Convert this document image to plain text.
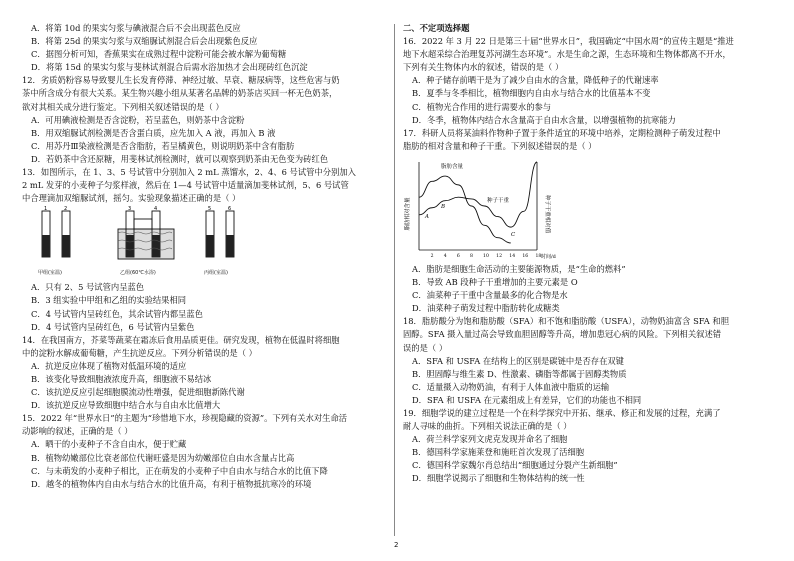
A．将第 10d 的果实匀浆与碘液混合后不会出现蓝色反应
B．将第 25d 的果实匀浆与双缩脲试剂混合后会出现紫色反应
C．据图分析可知，香蕉果实在成熟过程中淀粉可能会被水解为葡萄糖
D．将第 15d 的果实匀浆与斐林试剂混合后需水浴加热才会出现砖红色沉淀
12．劣质奶粉容易导致婴儿生长发育停滞、神经过敏、早衰、糖尿病等，这些危害与奶
茶中所含成分有很大关系。某生物兴趣小组从某著名品牌的奶茶店买回一杯无色奶茶，
欲对其相关成分进行鉴定。下列相关叙述错误的是（ ）
A．可用碘液检测是否含淀粉，若呈蓝色，则奶茶中含淀粉
B．用双缩脲试剂检测是否含蛋白质，应先加入 A 液，再加入 B 液
C．用苏丹Ⅲ染液检测是否含脂肪，若呈橘黄色，则说明奶茶中含有脂肪
D．若奶茶中含还原糖，用斐林试剂检测时，就可以观察到奶茶由无色变为砖红色
13．如图所示，在 1、3、5 号试管中分别加入 2 mL 蒸馏水，2、4、6 号试管中分别加入
2 mL 发芽的小麦种子匀浆样液，然后在 1—4 号试管中适量滴加斐林试剂，5、6 号试管
中合理滴加双缩脲试剂，摇匀。实验现象描述正确的是（ ）
1	2	3	4	5	6
甲组(室温)	乙组(60℃水浴)	丙组(室温)
A．只有 2、5 号试管内呈蓝色
B．3 组实验中甲组和乙组的实验结果相同
C．4 号试管内呈砖红色，其余试管内都呈蓝色
D．4 号试管内呈砖红色，6 号试管内呈紫色
14．在我国南方，芥菜等蔬菜在霜冻后食用品质更佳。研究发现，植物在低温时将细胞
中的淀粉水解成葡萄糖，产生抗逆反应。下列分析错误的是（ ）
A．抗逆反应体现了植物对低温环境的适应
B．该变化导致细胞液浓度升高，细胞液不易结冰
C．该抗逆反应引起细胞膜流动性增强，促进细胞新陈代谢
D．该抗逆反应导致细胞中结合水与自由水比值增大
15．2022 年“世界水日”的主题为“珍惜地下水，珍视隐藏的资源”。下列有关水对生命活
动影响的叙述，正确的是（ ）
A．晒干的小麦种子不含自由水，便于贮藏
B．植物幼嫩部位比衰老部位代谢旺盛是因为幼嫩部位自由水含量占比高
C．与未萌发的小麦种子相比，正在萌发的小麦种子中自由水与结合水的比值下降
D．越冬的植物体内自由水与结合水的比值升高，有利于植物抵抗寒冷的环境
二、不定项选择题
16．2022 年 3 月 22 日是第三十届“世界水日”，我国确定“中国水周”的宣传主题是“推进
地下水超采综合治理复苏河湖生态环境”。水是生命之源，生态环境和生物体都离不开水，
下列有关生物体内水的叙述，错误的是（ ）
A．种子储存前晒干是为了减少自由水的含量，降低种子的代谢速率
B．夏季与冬季相比，植物细胞内自由水与结合水的比值基本不变
C．植物光合作用的进行需要水的参与
D．冬季，植物体内结合水含量高于自由水含量，以增强植物的抗寒能力
17．科研人员将某油料作物种子置于条件适宜的环境中培养，定期检测种子萌发过程中
脂肪的相对含量和种子干重。下列叙述错误的是（ ）
脂肪相对含量	种子干重相对值
2 4 6 8 10 12 14 16 18 时间/d
脂肪含量
种子干重
A
B
C
A．脂肪是细胞生命活动的主要能源物质，是“生命的燃料”
B．导致 AB 段种子干重增加的主要元素是 O
C．油菜种子干重中含量最多的化合物是水
D．油菜种子萌发过程中脂肪转化成糖类
18．脂肪酸分为饱和脂肪酸（SFA）和不饱和脂肪酸（USFA），动物奶油富含 SFA 和胆
固醇。SFA 摄入量过高会导致血胆固醇等升高，增加患冠心病的风险。下列相关叙述错
误的是（ ）
A．SFA 和 USFA 在结构上的区别是碳链中是否存在双键
B．胆固醇与维生素 D、性激素、磷脂等都属于固醇类物质
C．适量摄入动物奶油，有利于人体血液中脂质的运输
D．SFA 和 USFA 在元素组成上有差异，它们的功能也不相同
19．细胞学说的建立过程是一个在科学探究中开拓、继承、修正和发展的过程，充满了
耐人寻味的曲折。下列相关说法正确的是（ ）
A．荷兰科学家列文虎克发现并命名了细胞
B．德国科学家施莱登和施旺首次发现了活细胞
C．德国科学家魏尔肖总结出“细胞通过分裂产生新细胞”
D．细胞学说揭示了细胞和生物体结构的统一性
2
